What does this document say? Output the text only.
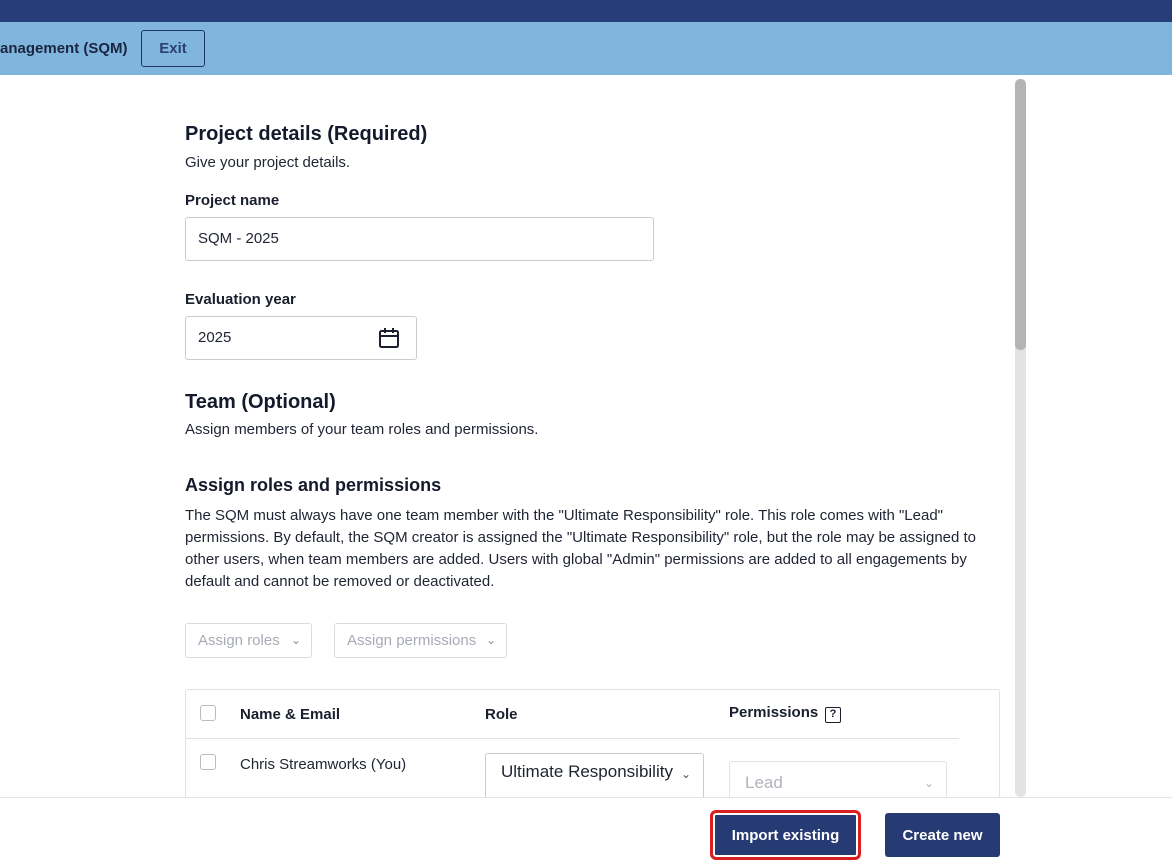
anagement (SQM)	Exit
Project details (Required)
Give your project details.
Project name
SQM - 2025
Evaluation year
2025
Team (Optional)
Assign members of your team roles and permissions.
Assign roles and permissions
The SQM must always have one team member with the "Ultimate Responsibility" role. This role comes with "Lead" permissions. By default, the SQM creator is assigned the "Ultimate Responsibility" role, but the role may be assigned to other users, when team members are added. Users with global "Admin" permissions are added to all engagements by default and cannot be removed or deactivated.
Assign roles ⌄	Assign permissions ⌄
Name & Email	Role	Permissions	?
Chris Streamworks (You)	Ultimate Responsibility ⌄	Lead	⌄
Import existing	Create new
